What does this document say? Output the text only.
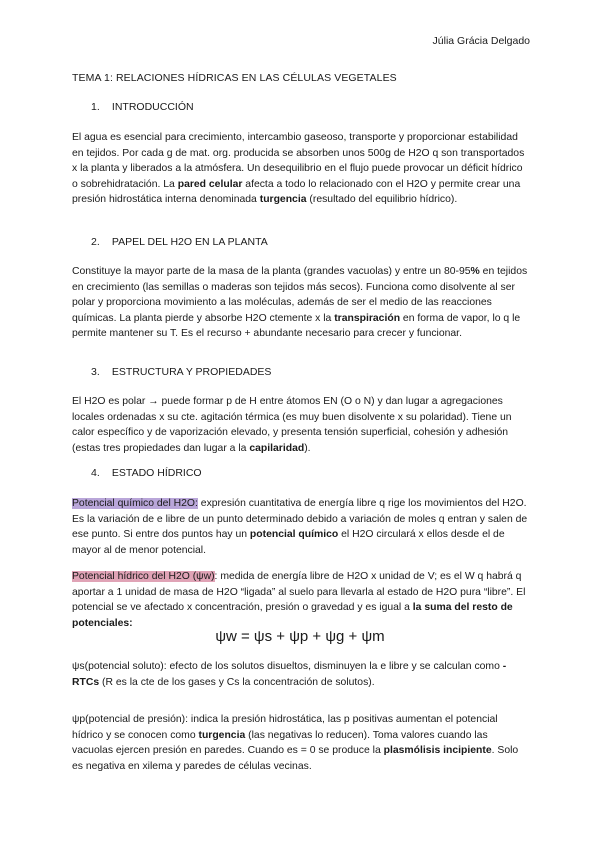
Júlia Grácia Delgado
TEMA 1: RELACIONES HÍDRICAS EN LAS CÉLULAS VEGETALES
1. INTRODUCCIÓN

El agua es esencial para crecimiento, intercambio gaseoso, transporte y proporcionar estabilidad en tejidos. Por cada g de mat. org. producida se absorben unos 500g de H2O q son transportados x la planta y liberados a la atmósfera. Un desequilibrio en el flujo puede provocar un déficit hídrico o sobrehidratación. La pared celular afecta a todo lo relacionado con el H2O y permite crear una presión hidrostática interna denominada turgencia (resultado del equilibrio hídrico).

2. PAPEL DEL H2O EN LA PLANTA

Constituye la mayor parte de la masa de la planta (grandes vacuolas) y entre un 80-95% en tejidos en crecimiento (las semillas o maderas son tejidos más secos). Funciona como disolvente al ser polar y proporciona movimiento a las moléculas, además de ser el medio de las reacciones químicas. La planta pierde y absorbe H2O ctemente x la transpiración en forma de vapor, lo q le permite mantener su T. Es el recurso + abundante necesario para crecer y funcionar.

3. ESTRUCTURA Y PROPIEDADES

El H2O es polar → puede formar p de H entre átomos EN (O o N) y dan lugar a agregaciones locales ordenadas x su cte. agitación térmica (es muy buen disolvente x su polaridad). Tiene un calor específico y de vaporización elevado, y presenta tensión superficial, cohesión y adhesión (estas tres propiedades dan lugar a la capilaridad).

4. ESTADO HÍDRICO

Potencial químico del H2O: expresión cuantitativa de energía libre q rige los movimientos del H2O. Es la variación de e libre de un punto determinado debido a variación de moles q entran y salen de ese punto. Si entre dos puntos hay un potencial químico el H2O circulará x ellos desde el de mayor al de menor potencial.

Potencial hídrico del H2O (ψw): medida de energía libre de H2O x unidad de V; es el W q habrá q aportar a 1 unidad de masa de H2O “ligada” al suelo para llevarla al estado de H2O pura “libre”. El potencial se ve afectado x concentración, presión o gravedad y es igual a la suma del resto de potenciales:

ψw = ψs + ψp + ψg + ψm

ψs(potencial soluto): efecto de los solutos disueltos, disminuyen la e libre y se calculan como -RTCs (R es la cte de los gases y Cs la concentración de solutos).

ψp(potencial de presión): indica la presión hidrostática, las p positivas aumentan el potencial hídrico y se conocen como turgencia (las negativas lo reducen). Toma valores cuando las vacuolas ejercen presión en paredes. Cuando es = 0 se produce la plasmólisis incipiente. Solo es negativa en xilema y paredes de células vecinas.
